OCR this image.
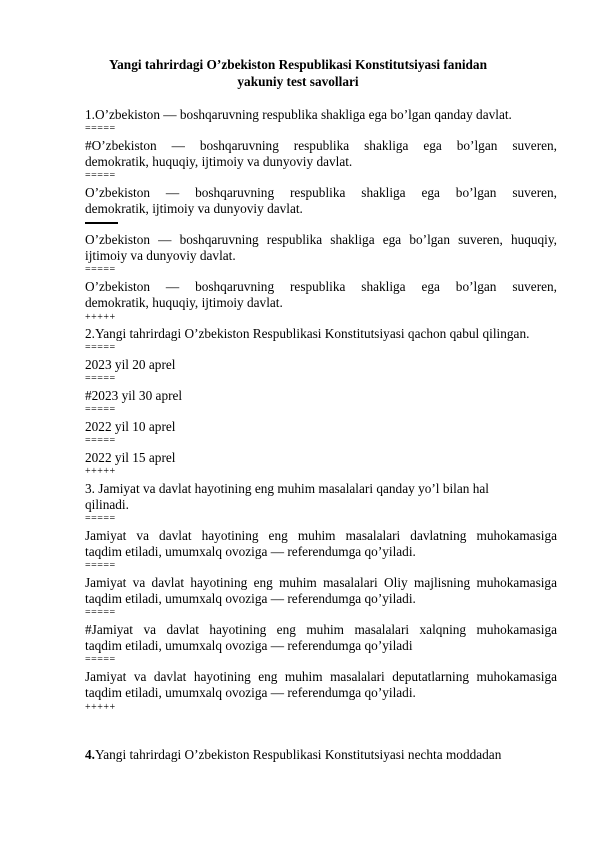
Yangi tahrirdagi O’zbekiston Respublikasi Konstitutsiyasi fanidan
yakuniy test savollari
1.O’zbekiston — boshqaruvning respublika shakliga ega bo’lgan qanday davlat.
=====
#O’zbekiston — boshqaruvning respublika shakliga ega bo’lgan suveren,
demokratik, huquqiy, ijtimoiy va dunyoviy davlat.
=====
O’zbekiston — boshqaruvning respublika shakliga ega bo’lgan suveren,
demokratik, ijtimoiy va dunyoviy davlat.
O’zbekiston — boshqaruvning respublika shakliga ega bo’lgan suveren, huquqiy,
ijtimoiy va dunyoviy davlat.
=====
O’zbekiston — boshqaruvning respublika shakliga ega bo’lgan suveren,
demokratik, huquqiy, ijtimoiy davlat.
+++++
2.Yangi tahrirdagi O’zbekiston Respublikasi Konstitutsiyasi qachon qabul qilingan.
=====
2023 yil 20 aprel
=====
#2023 yil 30 aprel
=====
2022 yil 10 aprel
=====
2022 yil 15 aprel
+++++
3. Jamiyat va davlat hayotining eng muhim masalalari qanday yo’l bilan hal
qilinadi.
=====
Jamiyat va davlat hayotining eng muhim masalalari davlatning muhokamasiga
taqdim etiladi, umumxalq ovoziga — referendumga qo’yiladi.
=====
Jamiyat va davlat hayotining eng muhim masalalari Oliy majlisning muhokamasiga
taqdim etiladi, umumxalq ovoziga — referendumga qo’yiladi.
=====
#Jamiyat va davlat hayotining eng muhim masalalari xalqning muhokamasiga
taqdim etiladi, umumxalq ovoziga — referendumga qo’yiladi
=====
Jamiyat va davlat hayotining eng muhim masalalari deputatlarning muhokamasiga
taqdim etiladi, umumxalq ovoziga — referendumga qo’yiladi.
+++++
4.Yangi tahrirdagi O’zbekiston Respublikasi Konstitutsiyasi nechta moddadan
